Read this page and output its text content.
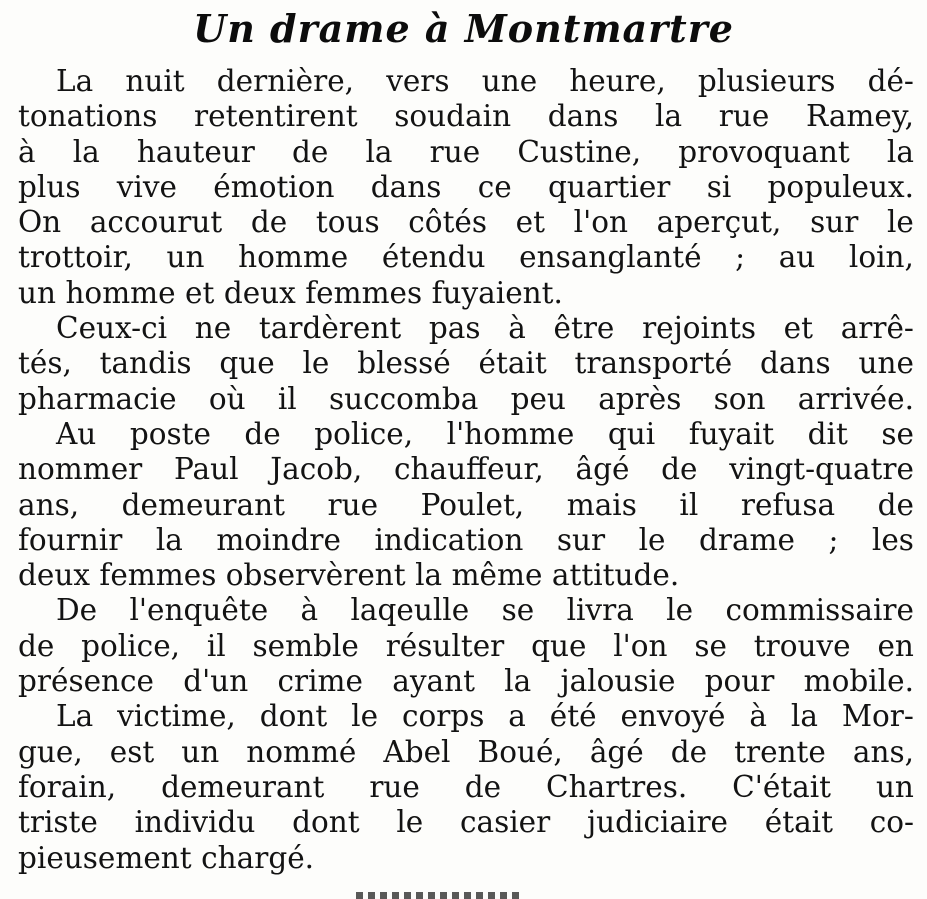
Un drame à Montmartre
La nuit dernière, vers une heure, plusieurs dé-
tonations retentirent soudain dans la rue Ramey,
à la hauteur de la rue Custine, provoquant la
plus vive émotion dans ce quartier si populeux.
On accourut de tous côtés et l'on aperçut, sur le
trottoir, un homme étendu ensanglanté ; au loin,
un homme et deux femmes fuyaient.
Ceux-ci ne tardèrent pas à être rejoints et arrê-
tés, tandis que le blessé était transporté dans une
pharmacie où il succomba peu après son arrivée.
Au poste de police, l'homme qui fuyait dit se
nommer Paul Jacob, chauffeur, âgé de vingt-quatre
ans, demeurant rue Poulet, mais il refusa de
fournir la moindre indication sur le drame ; les
deux femmes observèrent la même attitude.
De l'enquête à laqeulle se livra le commissaire
de police, il semble résulter que l'on se trouve en
présence d'un crime ayant la jalousie pour mobile.
La victime, dont le corps a été envoyé à la Mor-
gue, est un nommé Abel Boué, âgé de trente ans,
forain, demeurant rue de Chartres. C'était un
triste individu dont le casier judiciaire était co-
pieusement chargé.
